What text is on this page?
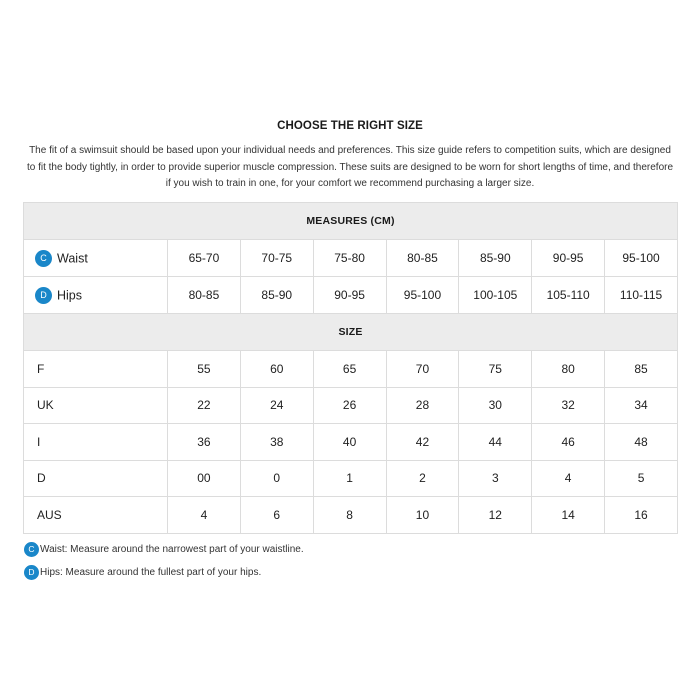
CHOOSE THE RIGHT SIZE
The fit of a swimsuit should be based upon your individual needs and preferences. This size guide refers to competition suits, which are designed to fit the body tightly, in order to provide superior muscle compression. These suits are designed to be worn for short lengths of time, and therefore if you wish to train in one, for your comfort we recommend purchasing a larger size.
MEASURES (CM)							
C Waist	65-70	70-75	75-80	80-85	85-90	90-95	95-100
D Hips	80-85	85-90	90-95	95-100	100-105	105-110	110-115
SIZE							
F	55	60	65	70	75	80	85
UK	22	24	26	28	30	32	34
I	36	38	40	42	44	46	48
D	00	0	1	2	3	4	5
AUS	4	6	8	10	12	14	16
C Waist: Measure around the narrowest part of your waistline.
D Hips: Measure around the fullest part of your hips.
